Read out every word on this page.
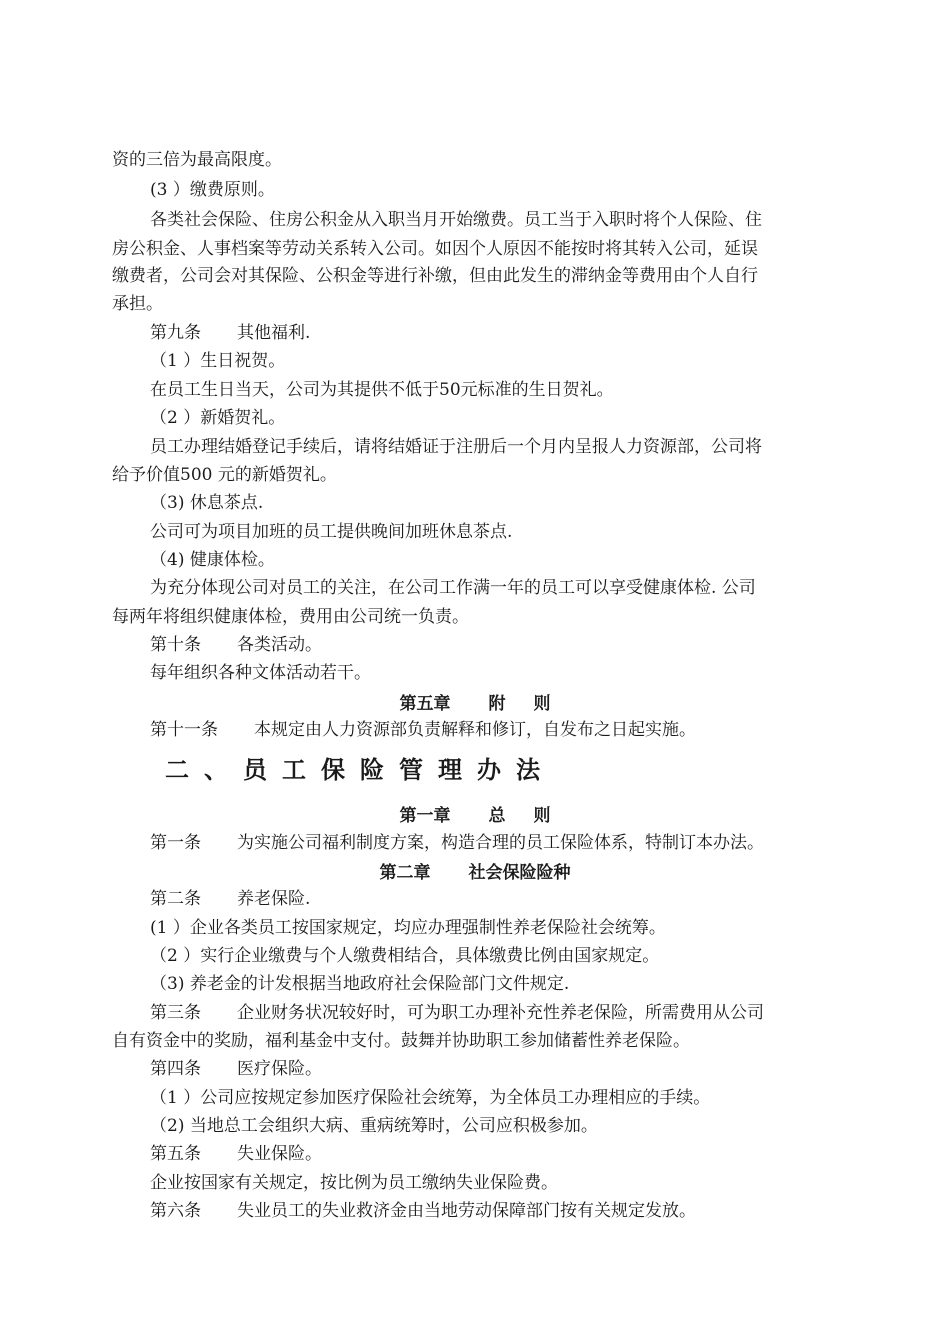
资的三倍为最高限度。
(3 ）缴费原则。
各类社会保险、住房公积金从入职当月开始缴费。员工当于入职时将个人保险、住
房公积金、人事档案等劳动关系转入公司。如因个人原因不能按时将其转入公司，延误
缴费者，公司会对其保险、公积金等进行补缴，但由此发生的滞纳金等费用由个人自行
承担。
第九条 其他福利.
（1 ）生日祝贺。
在员工生日当天，公司为其提供不低于50元标准的生日贺礼。
（2 ）新婚贺礼。
员工办理结婚登记手续后，请将结婚证于注册后一个月内呈报人力资源部，公司将
给予价值500 元的新婚贺礼。
（3) 休息茶点.
公司可为项目加班的员工提供晚间加班休息茶点.
（4) 健康体检。
为充分体现公司对员工的关注，在公司工作满一年的员工可以享受健康体检. 公司
每两年将组织健康体检，费用由公司统一负责。
第十条 各类活动。
每年组织各种文体活动若干。
第五章 附 则
第十一条 本规定由人力资源部负责解释和修订，自发布之日起实施。
二、员工保险管理办法
第一章 总 则
第一条 为实施公司福利制度方案，构造合理的员工保险体系，特制订本办法。
第二章 社会保险险种
第二条 养老保险.
(1 ）企业各类员工按国家规定，均应办理强制性养老保险社会统筹。
（2 ）实行企业缴费与个人缴费相结合，具体缴费比例由国家规定。
（3) 养老金的计发根据当地政府社会保险部门文件规定.
第三条 企业财务状况较好时，可为职工办理补充性养老保险，所需费用从公司
自有资金中的奖励，福利基金中支付。鼓舞并协助职工参加储蓄性养老保险。
第四条 医疗保险。
（1 ）公司应按规定参加医疗保险社会统筹，为全体员工办理相应的手续。
（2) 当地总工会组织大病、重病统筹时，公司应积极参加。
第五条 失业保险。
企业按国家有关规定，按比例为员工缴纳失业保险费。
第六条 失业员工的失业救济金由当地劳动保障部门按有关规定发放。
